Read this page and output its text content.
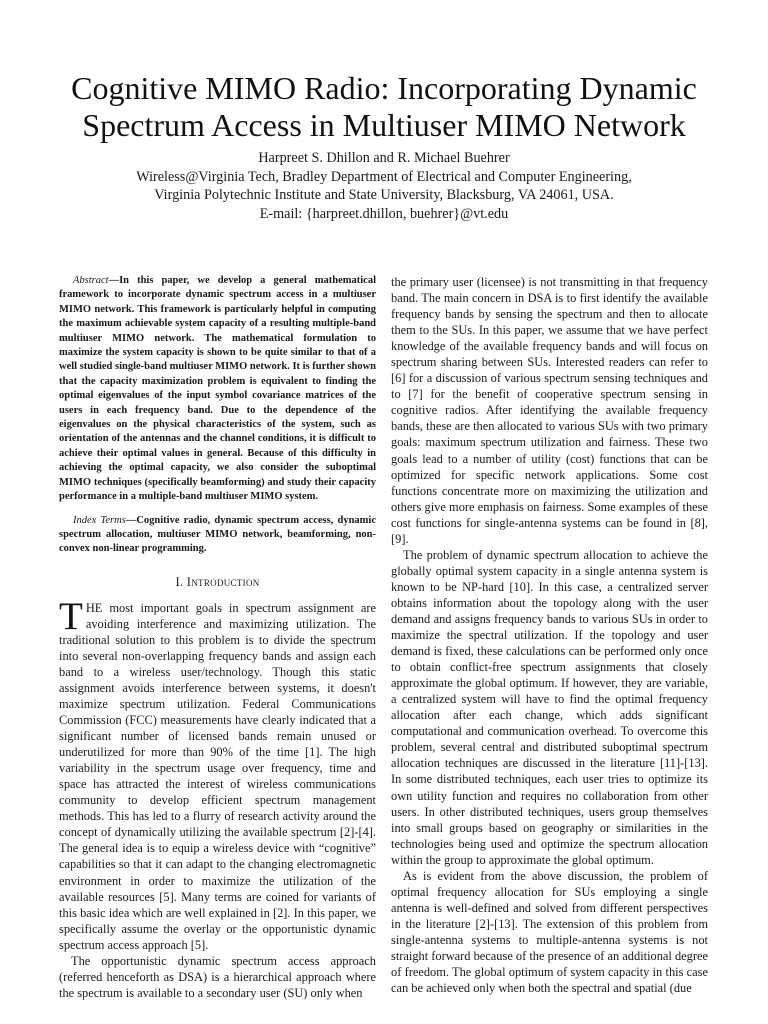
Cognitive MIMO Radio: Incorporating Dynamic
Spectrum Access in Multiuser MIMO Network
Harpreet S. Dhillon and R. Michael Buehrer
Wireless@Virginia Tech, Bradley Department of Electrical and Computer Engineering,
Virginia Polytechnic Institute and State University, Blacksburg, VA 24061, USA.
E-mail: {harpreet.dhillon, buehrer}@vt.edu

Abstract—In this paper, we develop a general mathematical framework to incorporate dynamic spectrum access in a multiuser MIMO network. This framework is particularly helpful in computing the maximum achievable system capacity of a resulting multiple-band multiuser MIMO network. The mathematical formulation to maximize the system capacity is shown to be quite similar to that of a well studied single-band multiuser MIMO network. It is further shown that the capacity maximization problem is equivalent to finding the optimal eigenvalues of the input symbol covariance matrices of the users in each frequency band. Due to the dependence of the eigenvalues on the physical characteristics of the system, such as orientation of the antennas and the channel conditions, it is difficult to achieve their optimal values in general. Because of this difficulty in achieving the optimal capacity, we also consider the suboptimal MIMO techniques (specifically beamforming) and study their capacity performance in a multiple-band multiuser MIMO system.

Index Terms—Cognitive radio, dynamic spectrum access, dynamic spectrum allocation, multiuser MIMO network, beamforming, non-convex non-linear programming.

I. Introduction

THE most important goals in spectrum assignment are avoiding interference and maximizing utilization. The traditional solution to this problem is to divide the spectrum into several non-overlapping frequency bands and assign each band to a wireless user/technology. Though this static assignment avoids interference between systems, it doesn't maximize spectrum utilization. Federal Communications Commission (FCC) measurements have clearly indicated that a significant number of licensed bands remain unused or underutilized for more than 90% of the time [1]. The high variability in the spectrum usage over frequency, time and space has attracted the interest of wireless communications community to develop efficient spectrum management methods. This has led to a flurry of research activity around the concept of dynamically utilizing the available spectrum [2]-[4]. The general idea is to equip a wireless device with “cognitive” capabilities so that it can adapt to the changing electromagnetic environment in order to maximize the utilization of the available resources [5]. Many terms are coined for variants of this basic idea which are well explained in [2]. In this paper, we specifically assume the overlay or the opportunistic dynamic spectrum access approach [5].

The opportunistic dynamic spectrum access approach (referred henceforth as DSA) is a hierarchical approach where the spectrum is available to a secondary user (SU) only when

the primary user (licensee) is not transmitting in that frequency band. The main concern in DSA is to first identify the available frequency bands by sensing the spectrum and then to allocate them to the SUs. In this paper, we assume that we have perfect knowledge of the available frequency bands and will focus on spectrum sharing between SUs. Interested readers can refer to [6] for a discussion of various spectrum sensing techniques and to [7] for the benefit of cooperative spectrum sensing in cognitive radios. After identifying the available frequency bands, these are then allocated to various SUs with two primary goals: maximum spectrum utilization and fairness. These two goals lead to a number of utility (cost) functions that can be optimized for specific network applications. Some cost functions concentrate more on maximizing the utilization and others give more emphasis on fairness. Some examples of these cost functions for single-antenna systems can be found in [8], [9].

The problem of dynamic spectrum allocation to achieve the globally optimal system capacity in a single antenna system is known to be NP-hard [10]. In this case, a centralized server obtains information about the topology along with the user demand and assigns frequency bands to various SUs in order to maximize the spectral utilization. If the topology and user demand is fixed, these calculations can be performed only once to obtain conflict-free spectrum assignments that closely approximate the global optimum. If however, they are variable, a centralized system will have to find the optimal frequency allocation after each change, which adds significant computational and communication overhead. To overcome this problem, several central and distributed suboptimal spectrum allocation techniques are discussed in the literature [11]-[13]. In some distributed techniques, each user tries to optimize its own utility function and requires no collaboration from other users. In other distributed techniques, users group themselves into small groups based on geography or similarities in the technologies being used and optimize the spectrum allocation within the group to approximate the global optimum.

As is evident from the above discussion, the problem of optimal frequency allocation for SUs employing a single antenna is well-defined and solved from different perspectives in the literature [2]-[13]. The extension of this problem from single-antenna systems to multiple-antenna systems is not straight forward because of the presence of an additional degree of freedom. The global optimum of system capacity in this case can be achieved only when both the spectral and spatial (due
